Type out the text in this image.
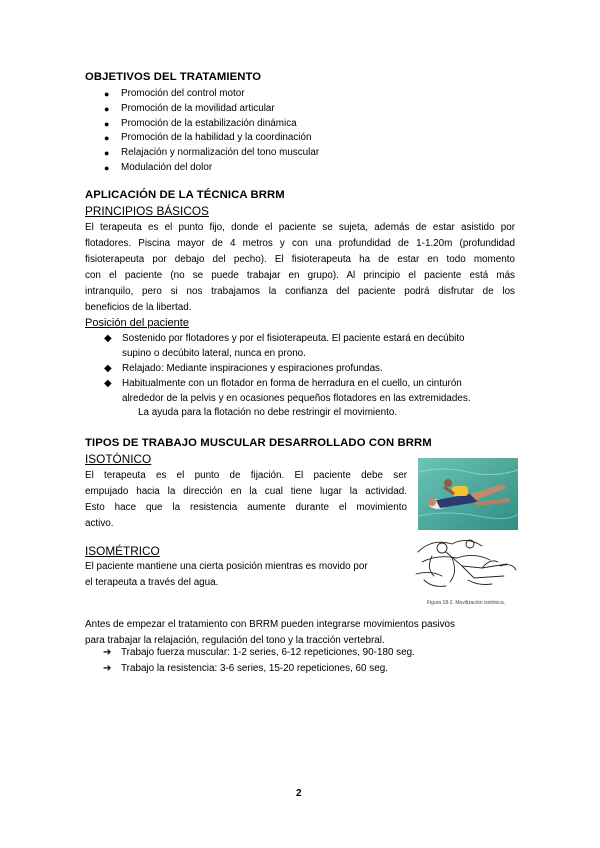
OBJETIVOS DEL TRATAMIENTO
● Promoción del control motor
● Promoción de la movilidad articular
● Promoción de la estabilización dinámica
● Promoción de la habilidad y la coordinación
● Relajación y normalización del tono muscular
● Modulación del dolor
APLICACIÓN DE LA TÉCNICA BRRM
PRINCIPIOS BÁSICOS
El terapeuta es el punto fijo, donde el paciente se sujeta, además de estar asistido por
flotadores. Piscina mayor de 4 metros y con una profundidad de 1-1.20m (profundidad
fisioterapeuta por debajo del pecho). El fisioterapeuta ha de estar en todo momento
con el paciente (no se puede trabajar en grupo). Al principio el paciente está más
intranquilo, pero si nos trabajamos la confianza del paciente podrá disfrutar de los
beneficios de la libertad.
Posición del paciente
◆ Sostenido por flotadores y por el fisioterapeuta. El paciente estará en decúbito
supino o decúbito lateral, nunca en prono.
◆ Relajado: Mediante inspiraciones y espiraciones profundas.
◆ Habitualmente con un flotador en forma de herradura en el cuello, un cinturón
alrededor de la pelvis y en ocasiones pequeños flotadores en las extremidades.
La ayuda para la flotación no debe restringir el movimiento.
TIPOS DE TRABAJO MUSCULAR DESARROLLADO CON BRRM
ISOTÓNICO
El terapeuta es el punto de fijación. El paciente debe ser
empujado hacia la dirección en la cual tiene lugar la actividad.
Esto hace que la resistencia aumente durante el movimiento
activo.
ISOMÉTRICO
El paciente mantiene una cierta posición mientras es movido por
el terapeuta a través del agua.
Figura 18-2. Movilización isotónica.
Antes de empezar el tratamiento con BRRM pueden integrarse movimientos pasivos
para trabajar la relajación, regulación del tono y la tracción vertebral.
➔ Trabajo fuerza muscular: 1-2 series, 6-12 repeticiones, 90-180 seg.
➔ Trabajo la resistencia: 3-6 series, 15-20 repeticiones, 60 seg.
2
